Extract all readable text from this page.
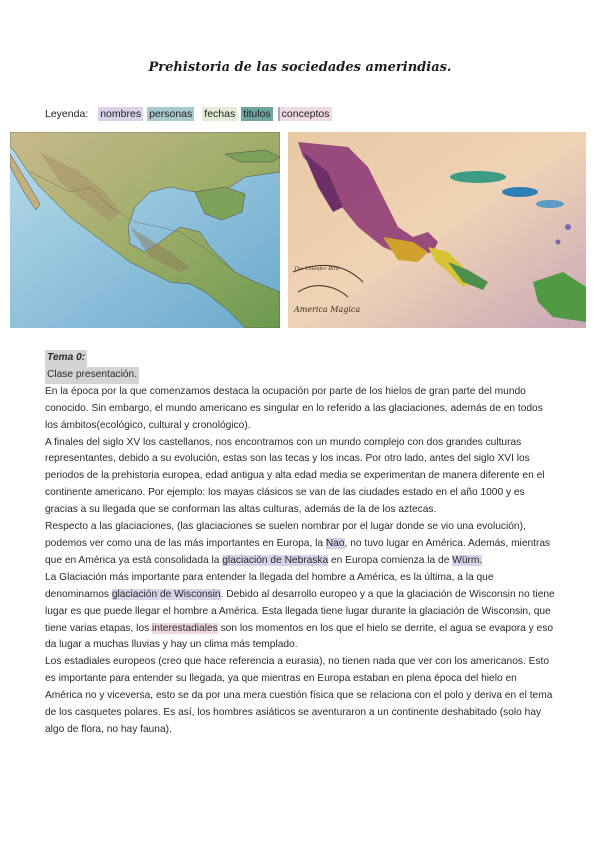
Prehistoria de las sociedades amerindias.
Leyenda: nombres personas fechas titulos	conceptos
America Magica
The Thunder Bird

Tema 0:

Clase presentación.

En la época por la que comenzamos destaca la ocupación por parte de los hielos de gran parte del mundo conocido. Sin embargo, el mundo americano es singular en lo referido a las glaciaciones, además de en todos los ámbitos(ecológico, cultural y cronológico).

A finales del siglo XV los castellanos, nos encontramos con un mundo complejo con dos grandes culturas representantes, debido a su evolución, estas son las tecas y los incas. Por otro lado, antes del siglo XVI los periodos de la prehistoria europea, edad antigua y alta edad media se experimentan de manera diferente en el continente americano. Por ejemplo: los mayas clásicos se van de las ciudades estado en el año 1000 y es gracias a su llegada que se conforman las altas culturas, además de la de los aztecas.

Respecto a las glaciaciones, (las glaciaciones se suelen nombrar por el lugar donde se vio una evolución), podemos ver como una de las más importantes en Europa, la Nao, no tuvo lugar en América. Además, mientras que en América ya está consolidada la glaciación de Nebraska en Europa comienza la de Würm.

La Glaciación más importante para entender la llegada del hombre a América, es la última, a la que denominamos glaciación de Wisconsin. Debido al desarrollo europeo y a que la glaciación de Wisconsin no tiene lugar es que puede llegar el hombre a América. Esta llegada tiene lugar durante la glaciación de Wisconsin, que tiene varias etapas, los interestadiales son los momentos en los que el hielo se derrite, el agua se evapora y eso da lugar a muchas lluvias y hay un clima más templado.

Los estadiales europeos (creo que hace referencia a eurasia), no tienen nada que ver con los americanos. Esto es importante para entender su llegada, ya que mientras en Europa estaban en plena época del hielo en América no y viceversa, esto se da por una mera cuestión física que se relaciona con el polo y deriva en el tema de los casquetes polares. Es así, los hombres asiáticos se aventuraron a un continente deshabitado (solo hay algo de flora, no hay fauna).
